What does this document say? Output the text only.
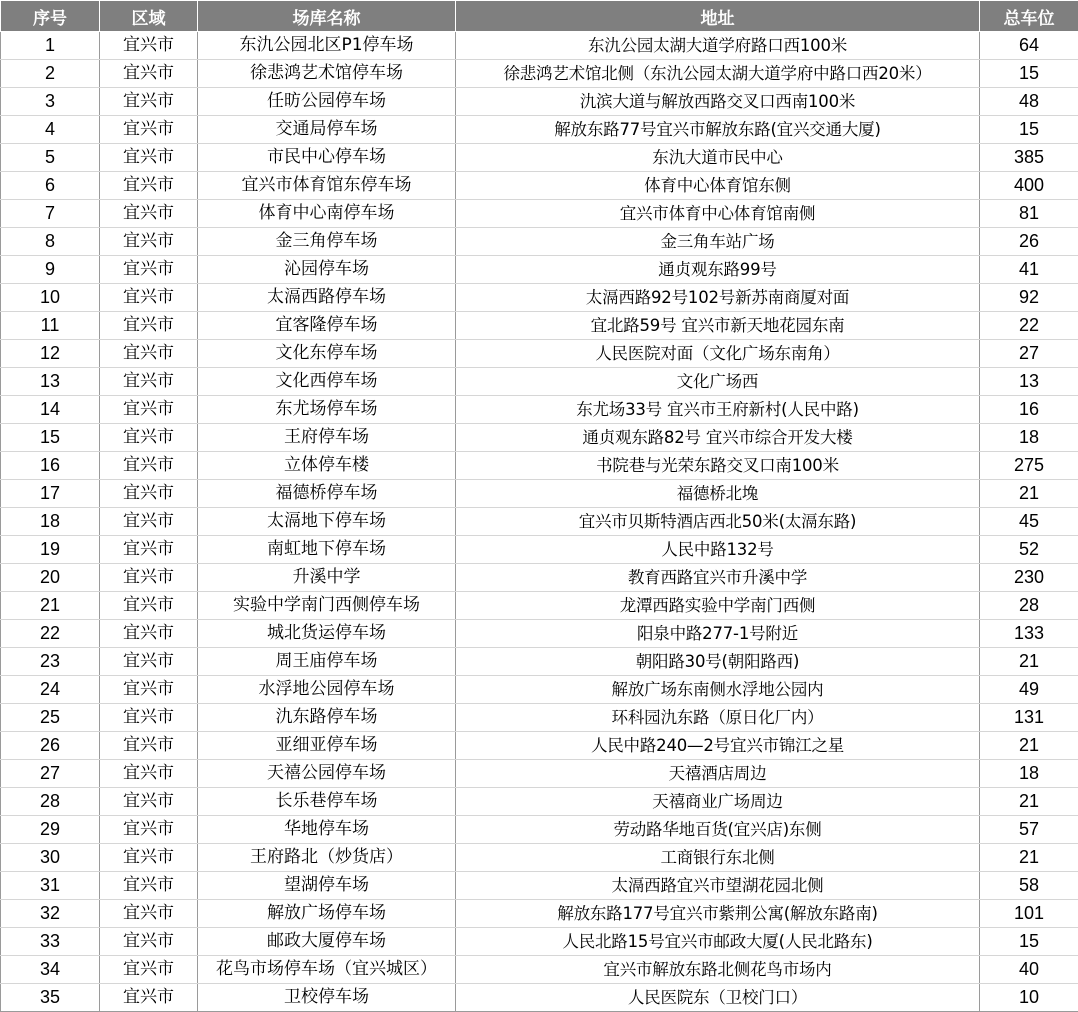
序号	区域	场库名称	地址	总车位
1	宜兴市	东氿公园北区P1停车场	东氿公园太湖大道学府路口西100米	64
2	宜兴市	徐悲鸿艺术馆停车场	徐悲鸿艺术馆北侧（东氿公园太湖大道学府中路口西20米）	15
3	宜兴市	任昉公园停车场	氿滨大道与解放西路交叉口西南100米	48
4	宜兴市	交通局停车场	解放东路77号宜兴市解放东路(宜兴交通大厦)	15
5	宜兴市	市民中心停车场	东氿大道市民中心	385
6	宜兴市	宜兴市体育馆东停车场	体育中心体育馆东侧	400
7	宜兴市	体育中心南停车场	宜兴市体育中心体育馆南侧	81
8	宜兴市	金三角停车场	金三角车站广场	26
9	宜兴市	沁园停车场	通贞观东路99号	41
10	宜兴市	太滆西路停车场	太滆西路92号102号新苏南商厦对面	92
11	宜兴市	宜客隆停车场	宜北路59号 宜兴市新天地花园东南	22
12	宜兴市	文化东停车场	人民医院对面（文化广场东南角）	27
13	宜兴市	文化西停车场	文化广场西	13
14	宜兴市	东尤场停车场	东尤场33号 宜兴市王府新村(人民中路)	16
15	宜兴市	王府停车场	通贞观东路82号 宜兴市综合开发大楼	18
16	宜兴市	立体停车楼	书院巷与光荣东路交叉口南100米	275
17	宜兴市	福德桥停车场	福德桥北堍	21
18	宜兴市	太滆地下停车场	宜兴市贝斯特酒店西北50米(太滆东路)	45
19	宜兴市	南虹地下停车场	人民中路132号	52
20	宜兴市	升溪中学	教育西路宜兴市升溪中学	230
21	宜兴市	实验中学南门西侧停车场	龙潭西路实验中学南门西侧	28
22	宜兴市	城北货运停车场	阳泉中路277-1号附近	133
23	宜兴市	周王庙停车场	朝阳路30号(朝阳路西)	21
24	宜兴市	水浮地公园停车场	解放广场东南侧水浮地公园内	49
25	宜兴市	氿东路停车场	环科园氿东路（原日化厂内）	131
26	宜兴市	亚细亚停车场	人民中路240—2号宜兴市锦江之星	21
27	宜兴市	天禧公园停车场	天禧酒店周边	18
28	宜兴市	长乐巷停车场	天禧商业广场周边	21
29	宜兴市	华地停车场	劳动路华地百货(宜兴店)东侧	57
30	宜兴市	王府路北（炒货店）	工商银行东北侧	21
31	宜兴市	望湖停车场	太滆西路宜兴市望湖花园北侧	58
32	宜兴市	解放广场停车场	解放东路177号宜兴市紫荆公寓(解放东路南)	101
33	宜兴市	邮政大厦停车场	人民北路15号宜兴市邮政大厦(人民北路东)	15
34	宜兴市	花鸟市场停车场（宜兴城区）	宜兴市解放东路北侧花鸟市场内	40
35	宜兴市	卫校停车场	人民医院东（卫校门口）	10
